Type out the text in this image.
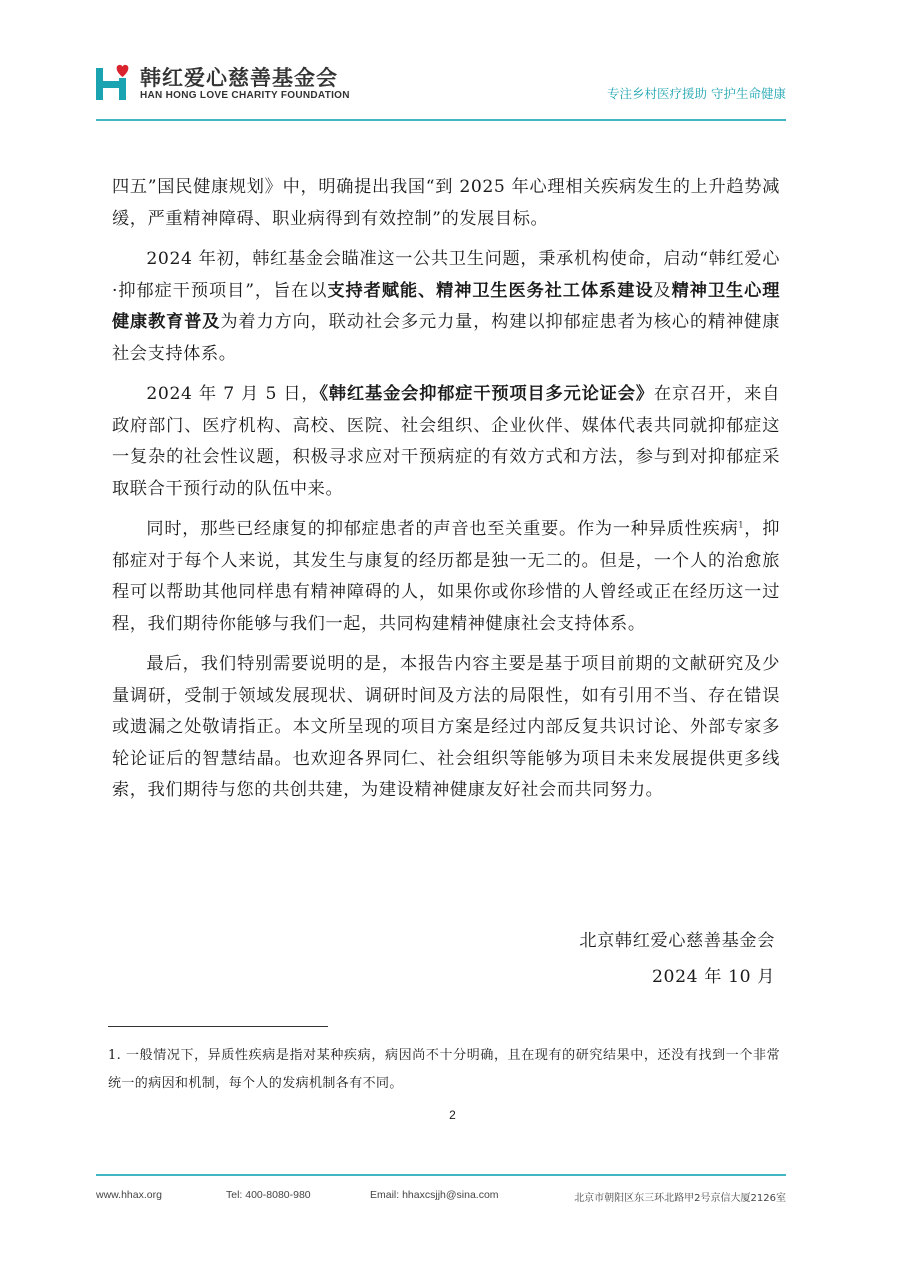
韩红爱心慈善基金会
HAN HONG LOVE CHARITY FOUNDATION	专注乡村医疗援助 守护生命健康

四五”国民健康规划》中，明确提出我国“到 2025 年心理相关疾病发生的上升趋势减缓，严重精神障碍、职业病得到有效控制”的发展目标。

2024 年初，韩红基金会瞄准这一公共卫生问题，秉承机构使命，启动“韩红爱心·抑郁症干预项目”，旨在以支持者赋能、精神卫生医务社工体系建设及精神卫生心理健康教育普及为着力方向，联动社会多元力量，构建以抑郁症患者为核心的精神健康社会支持体系。

2024 年 7 月 5 日，《韩红基金会抑郁症干预项目多元论证会》在京召开，来自政府部门、医疗机构、高校、医院、社会组织、企业伙伴、媒体代表共同就抑郁症这一复杂的社会性议题，积极寻求应对干预病症的有效方式和方法，参与到对抑郁症采取联合干预行动的队伍中来。

同时，那些已经康复的抑郁症患者的声音也至关重要。作为一种异质性疾病$^1$，抑郁症对于每个人来说，其发生与康复的经历都是独一无二的。但是，一个人的治愈旅程可以帮助其他同样患有精神障碍的人，如果你或你珍惜的人曾经或正在经历这一过程，我们期待你能够与我们一起，共同构建精神健康社会支持体系。

最后，我们特别需要说明的是，本报告内容主要是基于项目前期的文献研究及少量调研，受制于领域发展现状、调研时间及方法的局限性，如有引用不当、存在错误或遗漏之处敬请指正。本文所呈现的项目方案是经过内部反复共识讨论、外部专家多轮论证后的智慧结晶。也欢迎各界同仁、社会组织等能够为项目未来发展提供更多线索，我们期待与您的共创共建，为建设精神健康友好社会而共同努力。

北京韩红爱心慈善基金会
2024 年 10 月
1. 一般情况下，异质性疾病是指对某种疾病，病因尚不十分明确，且在现有的研究结果中，还没有找到一个非常统一的病因和机制，每个人的发病机制各有不同。
2
www.hhax.org	Tel: 400-8080-980	Email: hhaxcsjjh@sina.com	北京市朝阳区东三环北路甲2号京信大厦2126室
